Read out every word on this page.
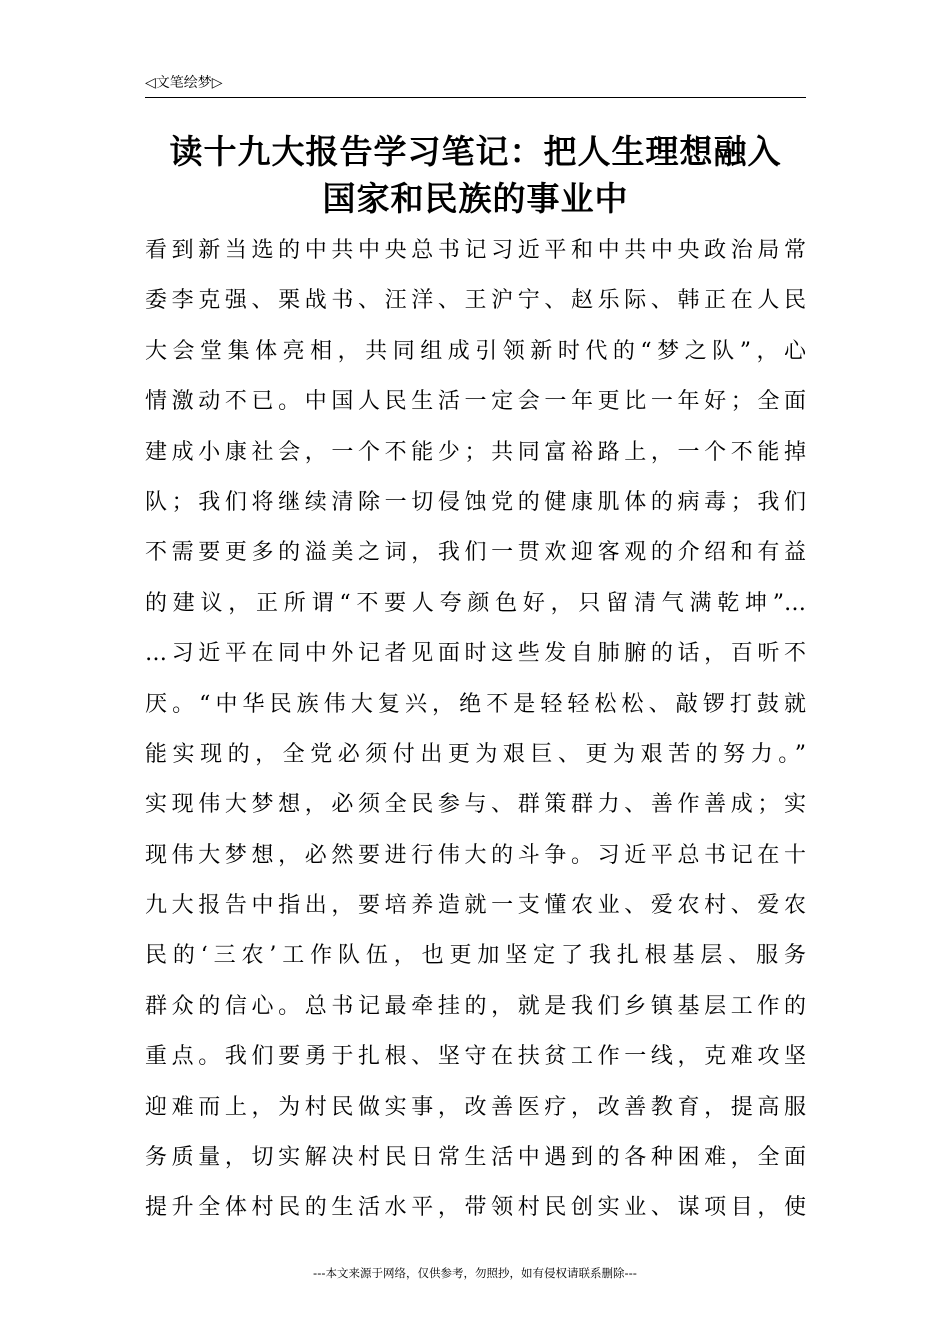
◁文笔绘梦▷
读十九大报告学习笔记：把人生理想融入
国家和民族的事业中
看到新当选的中共中央总书记习近平和中共中央政治局常
委李克强、栗战书、汪洋、王沪宁、赵乐际、韩正在人民
大会堂集体亮相，共同组成引领新时代的“梦之队”，心
情激动不已。中国人民生活一定会一年更比一年好；全面
建成小康社会，一个不能少；共同富裕路上，一个不能掉
队；我们将继续清除一切侵蚀党的健康肌体的病毒；我们
不需要更多的溢美之词，我们一贯欢迎客观的介绍和有益
的建议，正所谓“不要人夸颜色好，只留清气满乾坤”…
…习近平在同中外记者见面时这些发自肺腑的话，百听不
厌。“中华民族伟大复兴，绝不是轻轻松松、敲锣打鼓就
能实现的，全党必须付出更为艰巨、更为艰苦的努力。”
实现伟大梦想，必须全民参与、群策群力、善作善成；实
现伟大梦想，必然要进行伟大的斗争。习近平总书记在十
九大报告中指出，要培养造就一支懂农业、爱农村、爱农
民的‘三农’工作队伍，也更加坚定了我扎根基层、服务
群众的信心。总书记最牵挂的，就是我们乡镇基层工作的
重点。我们要勇于扎根、坚守在扶贫工作一线，克难攻坚
迎难而上，为村民做实事，改善医疗，改善教育，提高服
务质量，切实解决村民日常生活中遇到的各种困难，全面
提升全体村民的生活水平，带领村民创实业、谋项目，使
---本文来源于网络，仅供参考，勿照抄，如有侵权请联系删除---
